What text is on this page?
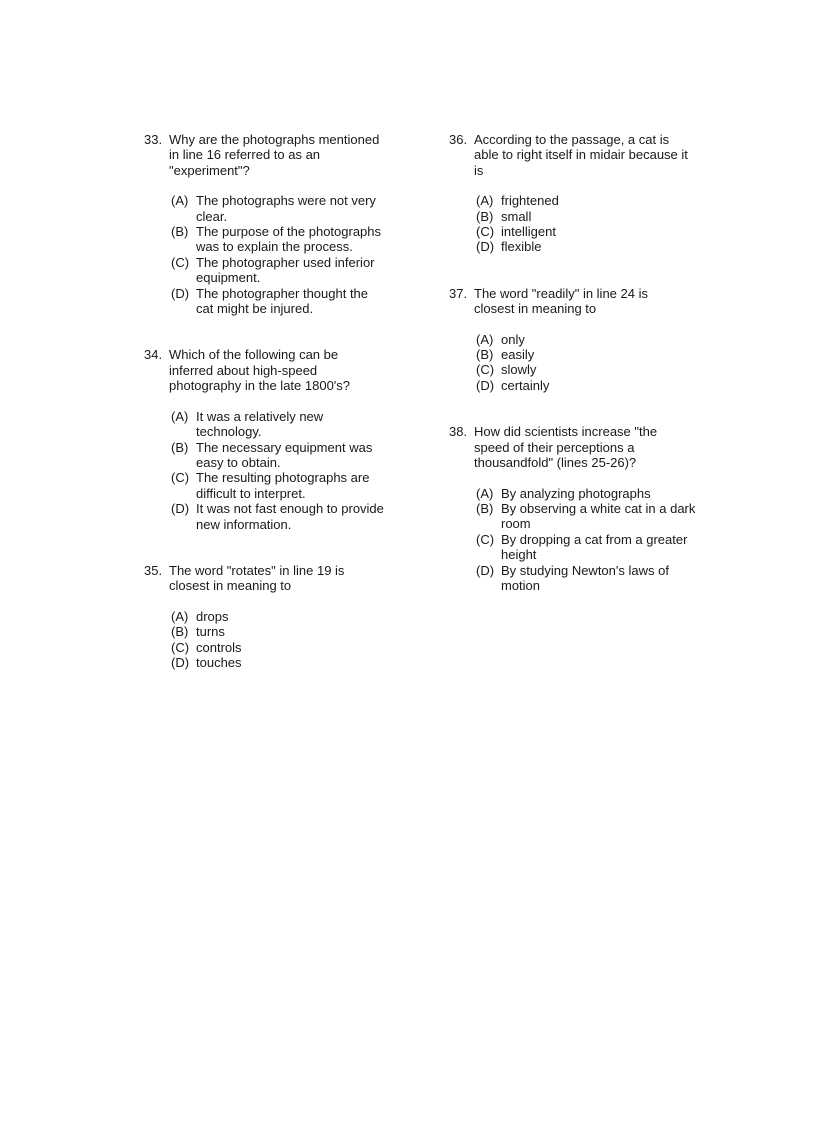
33. Why are the photographs mentioned in line 16 referred to as an "experiment"?
(A) The photographs were not very clear.
(B) The purpose of the photographs was to explain the process.
(C) The photographer used inferior equipment.
(D) The photographer thought the cat might be injured.
34. Which of the following can be inferred about high-speed photography in the late 1800's?
(A) It was a relatively new technology.
(B) The necessary equipment was easy to obtain.
(C) The resulting photographs are difficult to interpret.
(D) It was not fast enough to provide new information.
35. The word "rotates" in line 19 is closest in meaning to
(A) drops
(B) turns
(C) controls
(D) touches
36. According to the passage, a cat is able to right itself in midair because it is
(A) frightened
(B) small
(C) intelligent
(D) flexible
37. The word "readily" in line 24 is closest in meaning to
(A) only
(B) easily
(C) slowly
(D) certainly
38. How did scientists increase "the speed of their perceptions a thousandfold" (lines 25-26)?
(A) By analyzing photographs
(B) By observing a white cat in a dark room
(C) By dropping a cat from a greater height
(D) By studying Newton's laws of motion
